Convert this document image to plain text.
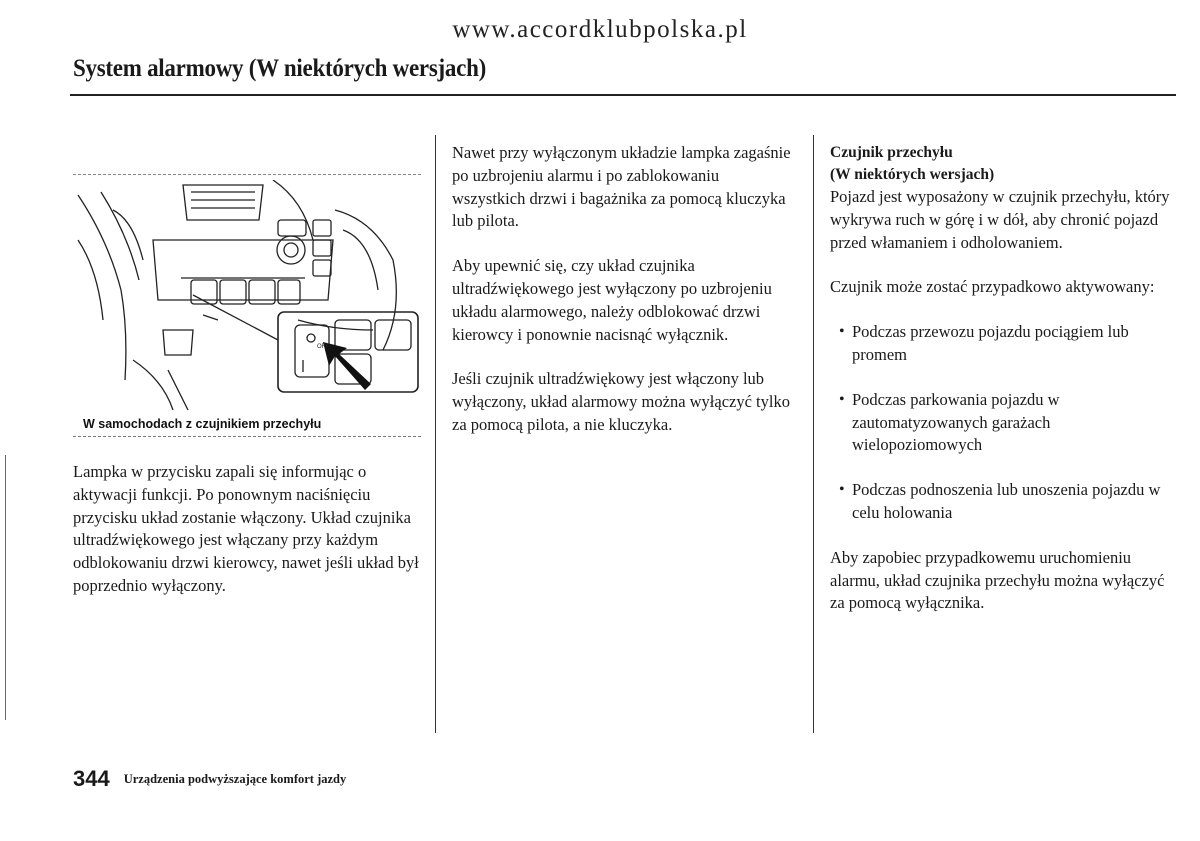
www.accordklubpolska.pl
System alarmowy (W niektórych wersjach)
OFF

W samochodach z czujnikiem przechyłu

Lampka w przycisku zapali się informując o aktywacji funkcji. Po ponownym naciśnięciu przycisku układ zostanie włączony. Układ czujnika ultradźwiękowego jest włączany przy każdym odblokowaniu drzwi kierowcy, nawet jeśli układ był poprzednio wyłączony.

Nawet przy wyłączonym układzie lampka zagaśnie po uzbrojeniu alarmu i po zablokowaniu wszystkich drzwi i bagażnika za pomocą kluczyka lub pilota.

Aby upewnić się, czy układ czujnika ultradźwiękowego jest wyłączony po uzbrojeniu układu alarmowego, należy odblokować drzwi kierowcy i ponownie nacisnąć wyłącznik.

Jeśli czujnik ultradźwiękowy jest włączony lub wyłączony, układ alarmowy można wyłączyć tylko za pomocą pilota, a nie kluczyka.

Czujnik przechyłu
(W niektórych wersjach)

Pojazd jest wyposażony w czujnik przechyłu, który wykrywa ruch w górę i w dół, aby chronić pojazd przed włamaniem i odholowaniem.

Czujnik może zostać przypadkowo aktywowany:

• Podczas przewozu pojazdu pociągiem lub promem
• Podczas parkowania pojazdu w zautomatyzowanych garażach wielopoziomowych
• Podczas podnoszenia lub unoszenia pojazdu w celu holowania

Aby zapobiec przypadkowemu uruchomieniu alarmu, układ czujnika przechyłu można wyłączyć za pomocą wyłącznika.

344 Urządzenia podwyższające komfort jazdy
